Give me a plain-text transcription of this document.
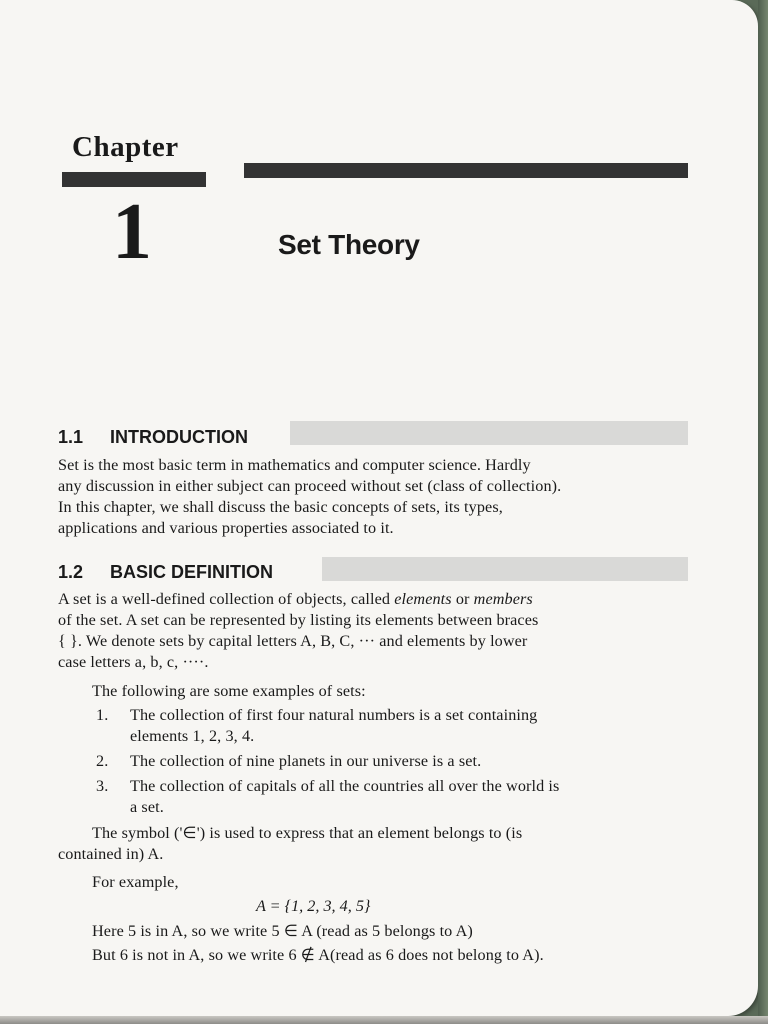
Chapter
1	Set Theory
1.1 INTRODUCTION
Set is the most basic term in mathematics and computer science. Hardly
any discussion in either subject can proceed without set (class of collection).
In this chapter, we shall discuss the basic concepts of sets, its types,
applications and various properties associated to it.
1.2 BASIC DEFINITION
A set is a well-defined collection of objects, called elements or members
of the set. A set can be represented by listing its elements between braces
{ }. We denote sets by capital letters A, B, C, ··· and elements by lower
case letters a, b, c, ····.
The following are some examples of sets:
1.	The collection of first four natural numbers is a set containing
elements 1, 2, 3, 4.
2.	The collection of nine planets in our universe is a set.
3.	The collection of capitals of all the countries all over the world is
a set.
The symbol ('∈') is used to express that an element belongs to (is
contained in) A.
For example,
A = {1, 2, 3, 4, 5}
Here 5 is in A, so we write 5 ∈ A (read as 5 belongs to A)
But 6 is not in A, so we write 6 ∉ A(read as 6 does not belong to A).
